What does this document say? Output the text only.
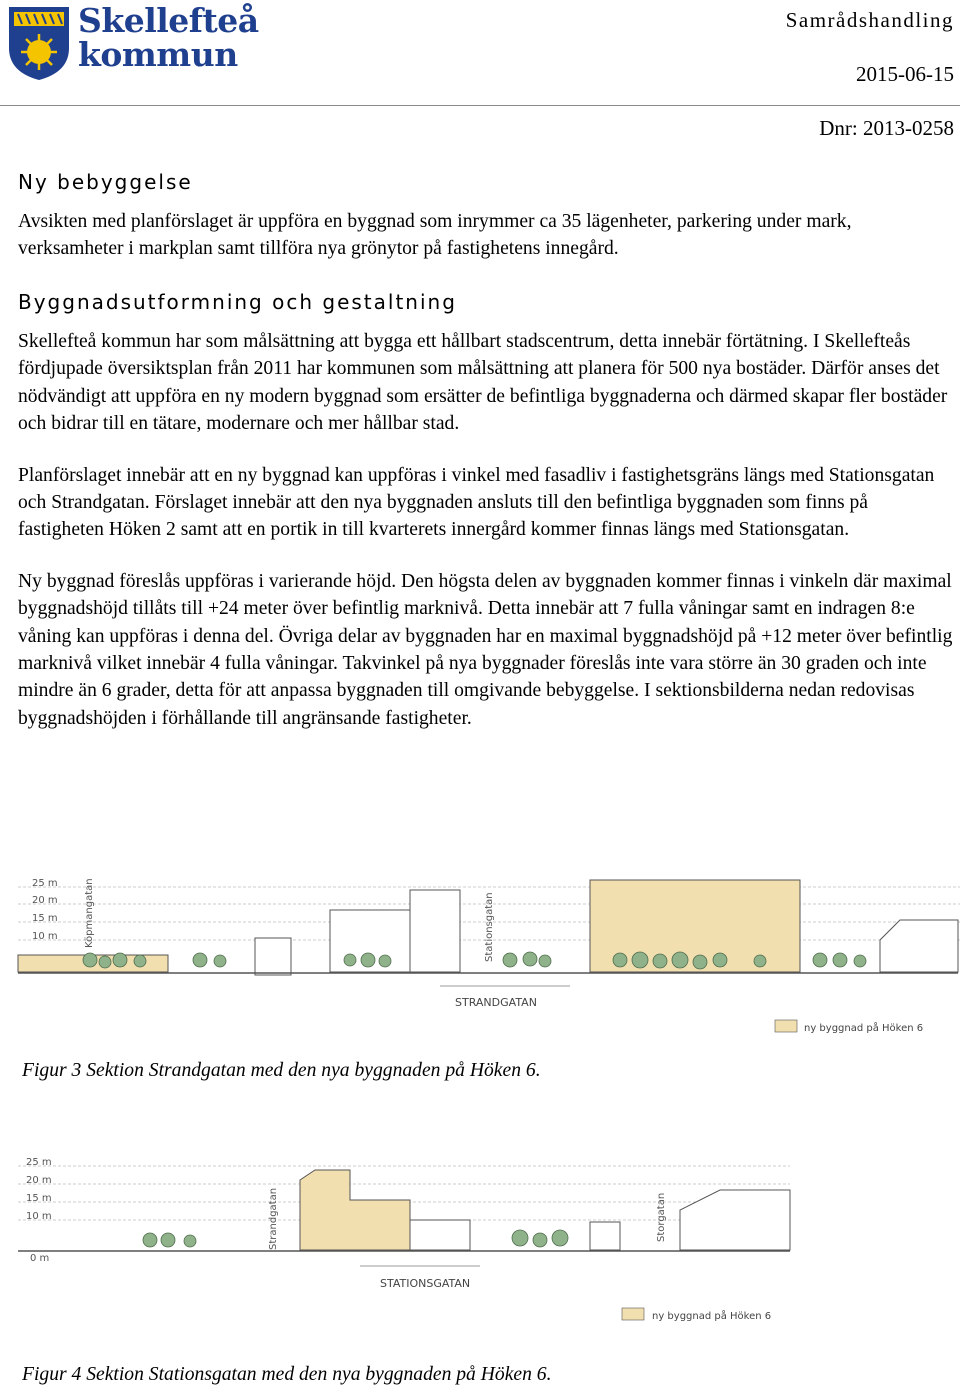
Skellefteå
kommun
Samrådshandling
2015-06-15
Dnr: 2013-0258
Ny bebyggelse

Avsikten med planförslaget är uppföra en byggnad som inrymmer ca 35 lägenheter, parkering under mark, verksamheter i markplan samt tillföra nya grönytor på fastighetens innegård.

Byggnadsutformning och gestaltning

Skellefteå kommun har som målsättning att bygga ett hållbart stadscentrum, detta innebär förtätning. I Skellefteås fördjupade översiktsplan från 2011 har kommunen som målsättning att planera för 500 nya bostäder. Därför anses det nödvändigt att uppföra en ny modern byggnad som ersätter de befintliga byggnaderna och därmed skapar fler bostäder och bidrar till en tätare, modernare och mer hållbar stad.

Planförslaget innebär att en ny byggnad kan uppföras i vinkel med fasadliv i fastighetsgräns längs med Stationsgatan och Strandgatan. Förslaget innebär att den nya byggnaden ansluts till den befintliga byggnaden som finns på fastigheten Höken 2 samt att en portik in till kvarterets innergård kommer finnas längs med Stationsgatan.

Ny byggnad föreslås uppföras i varierande höjd. Den högsta delen av byggnaden kommer finnas i vinkeln där maximal byggnadshöjd tillåts till +24 meter över befintlig marknivå. Detta innebär att 7 fulla våningar samt en indragen 8:e våning kan uppföras i denna del. Övriga delar av byggnaden har en maximal byggnadshöjd på +12 meter över befintlig marknivå vilket innebär 4 fulla våningar. Takvinkel på nya byggnader föreslås inte vara större än 30 graden och inte mindre än 6 grader, detta för att anpassa byggnaden till omgivande bebyggelse. I sektionsbilderna nedan redovisas byggnadshöjden i förhållande till angränsande fastigheter.

25 m
20 m
15 m
10 m	Köpmangatan	Stationsgatan
STRANDGATAN
ny byggnad på Höken 6
Figur 3 Sektion Strandgatan med den nya byggnaden på Höken 6.
25 m
20 m
15 m
10 m
0 m
Strandgatan	Storgatan
STATIONSGATAN
ny byggnad på Höken 6
Figur 4 Sektion Stationsgatan med den nya byggnaden på Höken 6.
